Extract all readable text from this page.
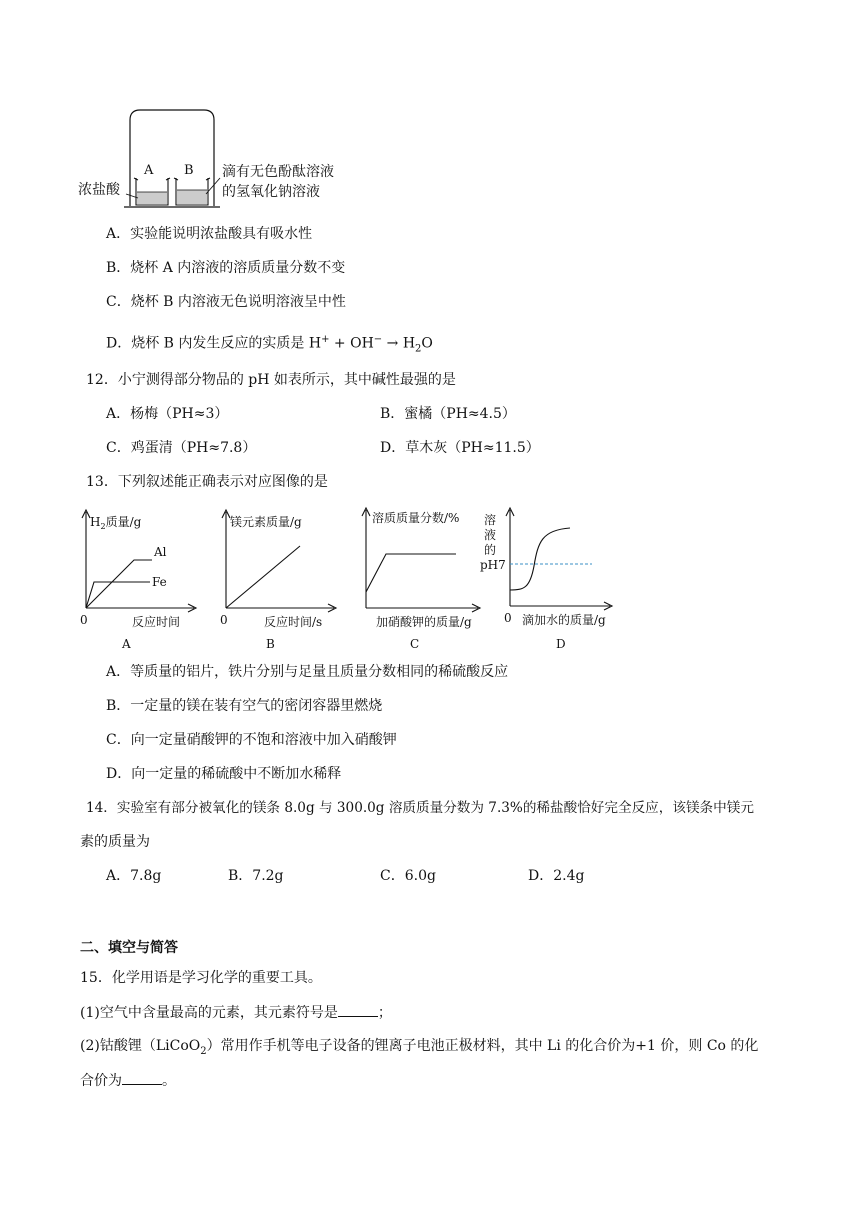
A B
浓盐酸
滴有无色酚酞溶液
的氢氧化钠溶液
A．实验能说明浓盐酸具有吸水性
B．烧杯 A 内溶液的溶质质量分数不变
C．烧杯 B 内溶液无色说明溶液呈中性
D．烧杯 B 内发生反应的实质是 $H^+ + OH^- \to H_2O$
12．小宁测得部分物品的 pH 如表所示，其中碱性最强的是
A．杨梅（PH≈3）	B．蜜橘（PH≈4.5）
C．鸡蛋清（PH≈7.8）	D．草木灰（PH≈11.5）
13．下列叙述能正确表示对应图像的是
$H_2$质量/g
Al
Fe
0	反应时间
A
镁元素质量/g
0	反应时间/s
B
溶质质量分数/%
加硝酸钾的质量/g
C
溶
液
的
pH7
0 滴加水的质量/g
D
A．等质量的铝片，铁片分别与足量且质量分数相同的稀硫酸反应
B．一定量的镁在装有空气的密闭容器里燃烧
C．向一定量硝酸钾的不饱和溶液中加入硝酸钾
D．向一定量的稀硫酸中不断加水稀释
14．实验室有部分被氧化的镁条 8.0g 与 300.0g 溶质质量分数为 7.3%的稀盐酸恰好完全反应，该镁条中镁元
素的质量为
A．7.8g	B．7.2g	C．6.0g	D．2.4g
二、填空与简答
15．化学用语是学习化学的重要工具。
(1)空气中含量最高的元素，其元素符号是	；
(2)钴酸锂（LiCoO$_2$）常用作手机等电子设备的锂离子电池正极材料，其中 Li 的化合价为+1 价，则 Co 的化
合价为	。
